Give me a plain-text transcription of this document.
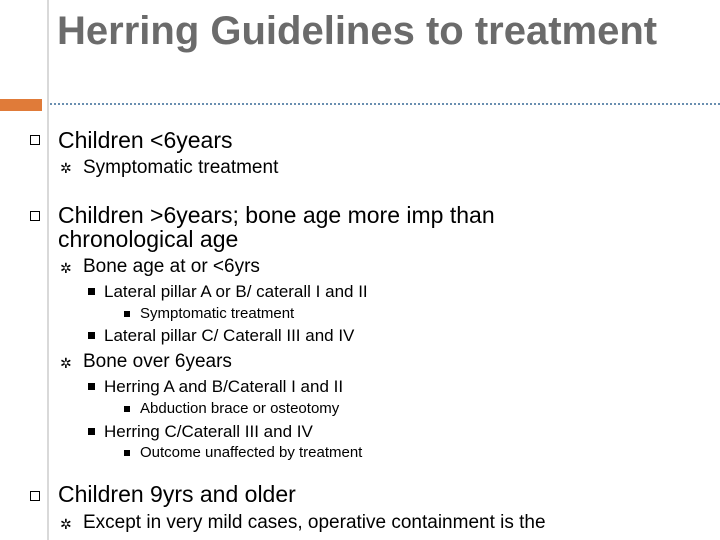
Herring Guidelines to treatment
Children <6years
✲ Symptomatic treatment
Children >6years; bone age more imp than
chronological age
✲ Bone age at or <6yrs
Lateral pillar A or B/ caterall I and II
Symptomatic treatment
Lateral pillar C/ Caterall III and IV
✲ Bone over 6years
Herring A and B/Caterall I and II
Abduction brace or osteotomy
Herring C/Caterall III and IV
Outcome unaffected by treatment
Children 9yrs and older
✲ Except in very mild cases, operative containment is the
